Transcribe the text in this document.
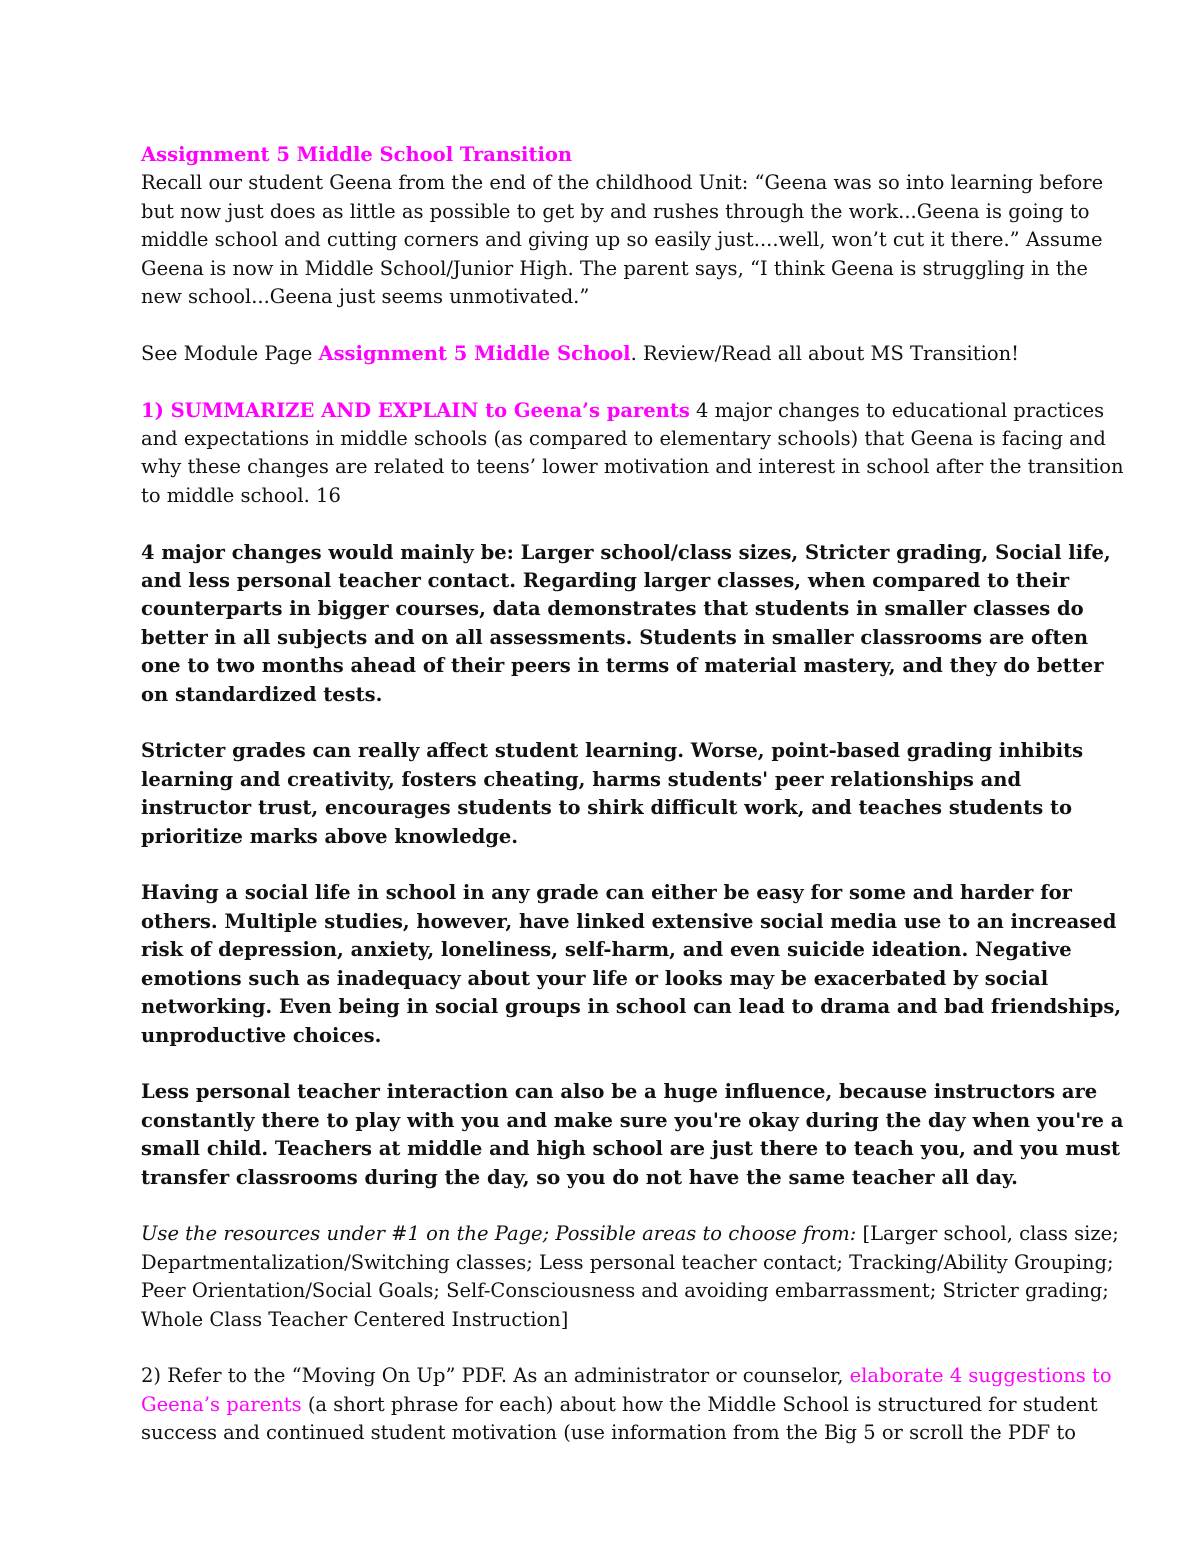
Assignment 5 Middle School Transition
Recall our student Geena from the end of the childhood Unit: “Geena was so into learning before but now just does as little as possible to get by and rushes through the work...Geena is going to middle school and cutting corners and giving up so easily just....well, won’t cut it there.” Assume Geena is now in Middle School/Junior High. The parent says, “I think Geena is struggling in the new school...Geena just seems unmotivated.”

See Module Page Assignment 5 Middle School. Review/Read all about MS Transition!

1) SUMMARIZE AND EXPLAIN to Geena’s parents 4 major changes to educational practices and expectations in middle schools (as compared to elementary schools) that Geena is facing and why these changes are related to teens’ lower motivation and interest in school after the transition to middle school. 16

4 major changes would mainly be: Larger school/class sizes, Stricter grading, Social life, and less personal teacher contact. Regarding larger classes, when compared to their counterparts in bigger courses, data demonstrates that students in smaller classes do better in all subjects and on all assessments. Students in smaller classrooms are often one to two months ahead of their peers in terms of material mastery, and they do better on standardized tests.

Stricter grades can really affect student learning. Worse, point-based grading inhibits learning and creativity, fosters cheating, harms students' peer relationships and instructor trust, encourages students to shirk difficult work, and teaches students to prioritize marks above knowledge.

Having a social life in school in any grade can either be easy for some and harder for others. Multiple studies, however, have linked extensive social media use to an increased risk of depression, anxiety, loneliness, self-harm, and even suicide ideation. Negative emotions such as inadequacy about your life or looks may be exacerbated by social networking. Even being in social groups in school can lead to drama and bad friendships, unproductive choices.

Less personal teacher interaction can also be a huge influence, because instructors are constantly there to play with you and make sure you're okay during the day when you're a small child. Teachers at middle and high school are just there to teach you, and you must transfer classrooms during the day, so you do not have the same teacher all day.

Use the resources under #1 on the Page; Possible areas to choose from: [Larger school, class size; Departmentalization/Switching classes; Less personal teacher contact; Tracking/Ability Grouping; Peer Orientation/Social Goals; Self-Consciousness and avoiding embarrassment; Stricter grading; Whole Class Teacher Centered Instruction]

2) Refer to the “Moving On Up” PDF. As an administrator or counselor, elaborate 4 suggestions to Geena’s parents (a short phrase for each) about how the Middle School is structured for student success and continued student motivation (use information from the Big 5 or scroll the PDF to
